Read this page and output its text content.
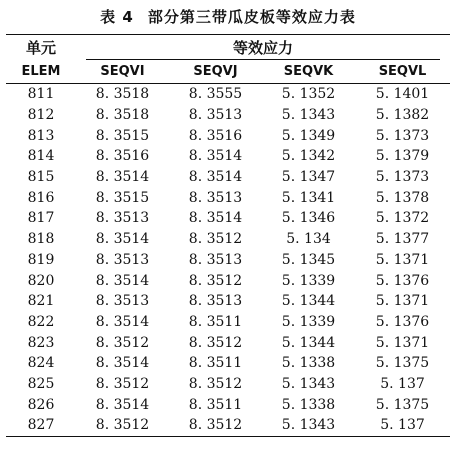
表 4 部分第三带瓜皮板等效应力表
单元	等效应力			
ELEM	SEQVI	SEQVJ	SEQVK	SEQVL
811	8. 3518	8. 3555	5. 1352	5. 1401
812	8. 3518	8. 3513	5. 1343	5. 1382
813	8. 3515	8. 3516	5. 1349	5. 1373
814	8. 3516	8. 3514	5. 1342	5. 1379
815	8. 3514	8. 3514	5. 1347	5. 1373
816	8. 3515	8. 3513	5. 1341	5. 1378
817	8. 3513	8. 3514	5. 1346	5. 1372
818	8. 3514	8. 3512	5. 134	5. 1377
819	8. 3513	8. 3513	5. 1345	5. 1371
820	8. 3514	8. 3512	5. 1339	5. 1376
821	8. 3513	8. 3513	5. 1344	5. 1371
822	8. 3514	8. 3511	5. 1339	5. 1376
823	8. 3512	8. 3512	5. 1344	5. 1371
824	8. 3514	8. 3511	5. 1338	5. 1375
825	8. 3512	8. 3512	5. 1343	5. 137
826	8. 3514	8. 3511	5. 1338	5. 1375
827	8. 3512	8. 3512	5. 1343	5. 137
